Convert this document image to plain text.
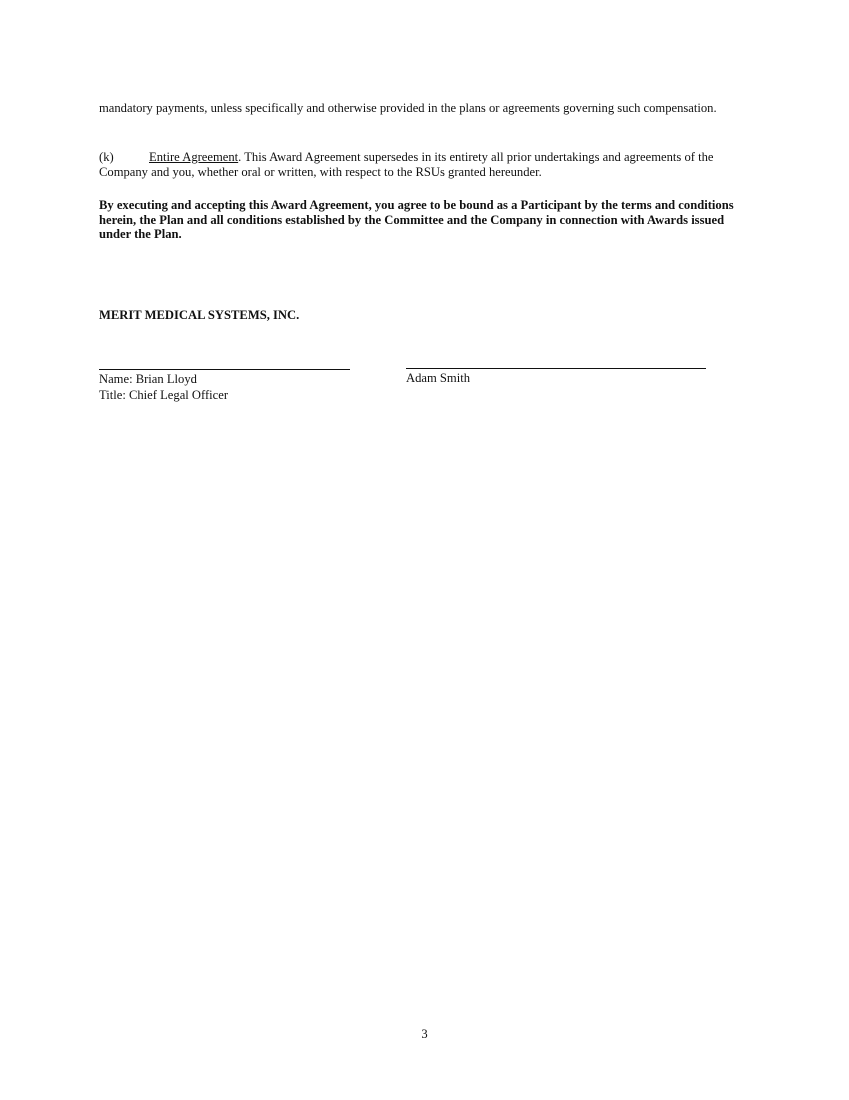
mandatory payments, unless specifically and otherwise provided in the plans or agreements governing such compensation.

(k)	Entire Agreement. This Award Agreement supersedes in its entirety all prior undertakings and agreements of the Company and you, whether oral or written, with respect to the RSUs granted hereunder.

By executing and accepting this Award Agreement, you agree to be bound as a Participant by the terms and conditions herein, the Plan and all conditions established by the Committee and the Company in connection with Awards issued under the Plan.

MERIT MEDICAL SYSTEMS, INC.

Name: Brian Lloyd

Title: Chief Legal Officer

Adam Smith

3
